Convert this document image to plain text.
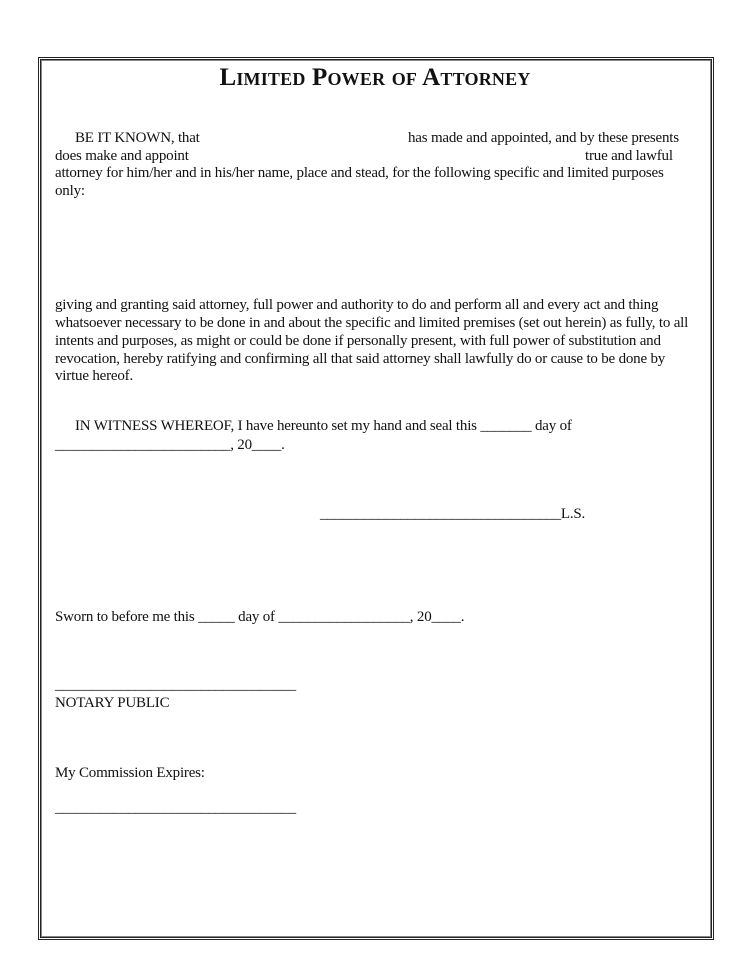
Limited Power of Attorney
BE IT KNOWN, that	has made and appointed, and by these presents
does make and appoint	true and lawful
attorney for him/her and in his/her name, place and stead, for the following specific and limited purposes
only:
giving and granting said attorney, full power and authority to do and perform all and every act and thing
whatsoever necessary to be done in and about the specific and limited premises (set out herein) as fully, to all
intents and purposes, as might or could be done if personally present, with full power of substitution and
revocation, hereby ratifying and confirming all that said attorney shall lawfully do or cause to be done by
virtue hereof.
IN WITNESS WHEREOF, I have hereunto set my hand and seal this _______ day of
________________________, 20____.
_________________________________L.S.
Sworn to before me this _____ day of __________________, 20____.
_________________________________
NOTARY PUBLIC
My Commission Expires:
_________________________________
